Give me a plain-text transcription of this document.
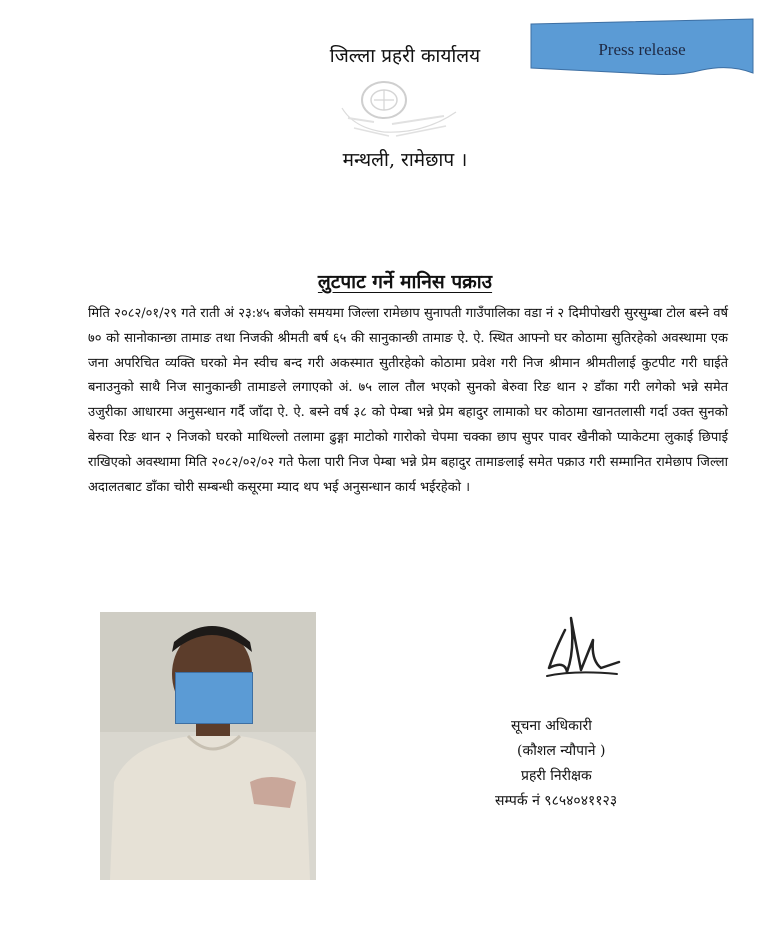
जिल्ला प्रहरी कार्यालय
मन्थली, रामेछाप ।
Press release
लुटपाट गर्ने मानिस पक्राउ

मिति २०८२/०१/२९ गते राती अं २३:४५ बजेको समयमा जिल्ला रामेछाप सुनापती गाउँपालिका वडा नं २ दिमीपोखरी सुरसुम्बा टोल बस्ने वर्ष ७० को सानोकान्छा तामाङ तथा निजकी श्रीमती बर्ष ६५ की सानुकान्छी तामाङ ऐ. ऐ. स्थित आफ्नो घर कोठामा सुतिरहेको अवस्थामा एक जना अपरिचित व्यक्ति घरको मेन स्वीच बन्द गरी अकस्मात सुतीरहेको कोठामा प्रवेश गरी निज श्रीमान श्रीमतीलाई कुटपीट गरी घाईते बनाउनुको साथै निज सानुकान्छी तामाङले लगाएको अं. ७५ लाल तौल भएको सुनको बेरुवा रिङ थान २ डाँका गरी लगेको भन्ने समेत उजुरीका आधारमा अनुसन्धान गर्दै जाँदा ऐ. ऐ. बस्ने वर्ष ३८ को पेम्बा भन्ने प्रेम बहादुर लामाको घर कोठामा खानतलासी गर्दा उक्त सुनको बेरुवा रिङ थान २ निजको घरको माथिल्लो तलामा ढुङ्गा माटोको गारोको चेपमा चक्का छाप सुपर पावर खैनीको प्याकेटमा लुकाई छिपाई राखिएको अवस्थामा मिति २०८२/०२/०२ गते फेला पारी निज पेम्बा भन्ने प्रेम बहादुर तामाङलाई समेत पक्राउ गरी सम्मानित रामेछाप जिल्ला अदालतबाट डाँका चोरी सम्बन्धी कसूरमा म्याद थप भई अनुसन्धान कार्य भईरहेको ।

सूचना अधिकारी
(कौशल न्यौपाने )
प्रहरी निरीक्षक
सम्पर्क नं ९८५४०४११२३
